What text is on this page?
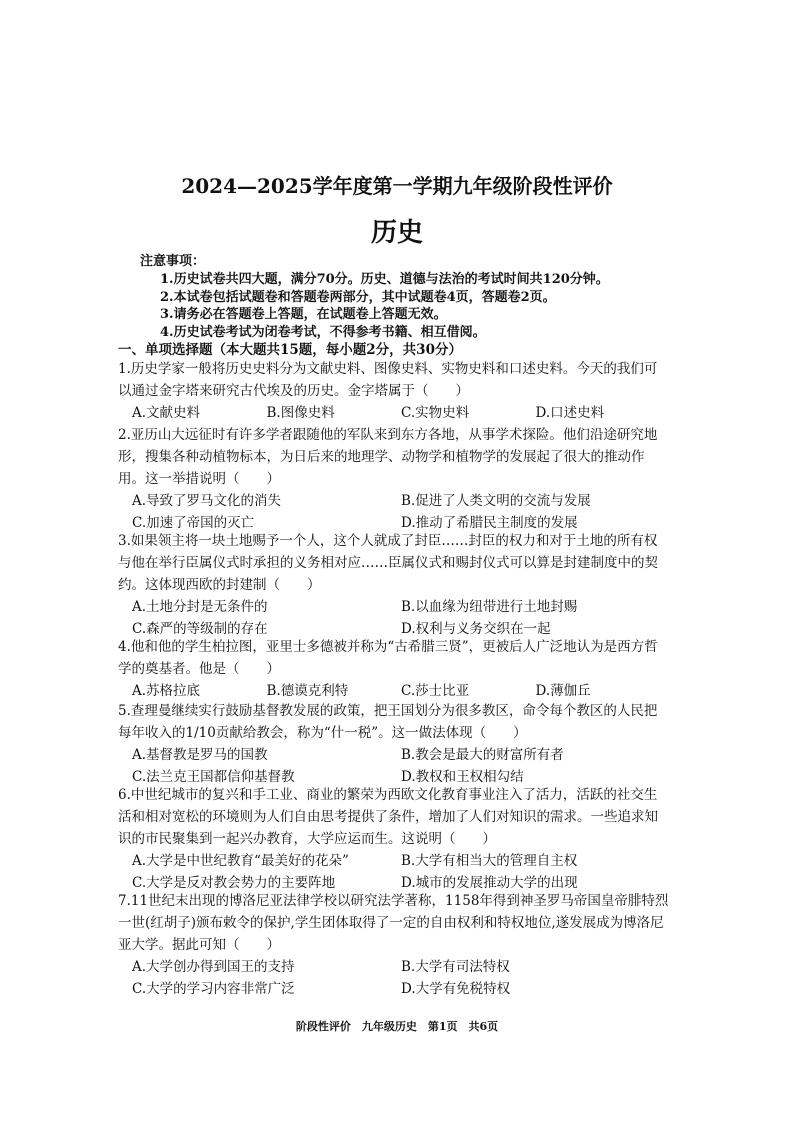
2024—2025学年度第一学期九年级阶段性评价
历史
注意事项：
1.历史试卷共四大题，满分70分。历史、道德与法治的考试时间共120分钟。
2.本试卷包括试题卷和答题卷两部分，其中试题卷4页，答题卷2页。
3.请务必在答题卷上答题，在试题卷上答题无效。
4.历史试卷考试为闭卷考试，不得参考书籍、相互借阅。
一、单项选择题（本大题共15题，每小题2分，共30分）
1.历史学家一般将历史史料分为文献史料、图像史料、实物史料和口述史料。今天的我们可以通过金字塔来研究古代埃及的历史。金字塔属于（　　）
A.文献史料	B.图像史料	C.实物史料	D.口述史料
2.亚历山大远征时有许多学者跟随他的军队来到东方各地，从事学术探险。他们沿途研究地形，搜集各种动植物标本，为日后来的地理学、动物学和植物学的发展起了很大的推动作用。这一举措说明（　　）
A.导致了罗马文化的消失	B.促进了人类文明的交流与发展
C.加速了帝国的灭亡	D.推动了希腊民主制度的发展
3.如果领主将一块土地赐予一个人，这个人就成了封臣……封臣的权力和对于土地的所有权与他在举行臣属仪式时承担的义务相对应……臣属仪式和赐封仪式可以算是封建制度中的契约。这体现西欧的封建制（　　）
A.土地分封是无条件的	B.以血缘为纽带进行土地封赐
C.森严的等级制的存在	D.权利与义务交织在一起
4.他和他的学生柏拉图，亚里士多德被并称为“古希腊三贤”，更被后人广泛地认为是西方哲学的奠基者。他是（　　）
A.苏格拉底	B.德谟克利特	C.莎士比亚	D.薄伽丘
5.查理曼继续实行鼓励基督教发展的政策，把王国划分为很多教区，命令每个教区的人民把每年收入的1/10贡献给教会，称为“什一税”。这一做法体现（　　）
A.基督教是罗马的国教	B.教会是最大的财富所有者
C.法兰克王国都信仰基督教	D.教权和王权相勾结
6.中世纪城市的复兴和手工业、商业的繁荣为西欧文化教育事业注入了活力，活跃的社交生活和相对宽松的环境则为人们自由思考提供了条件，增加了人们对知识的需求。一些追求知识的市民聚集到一起兴办教育，大学应运而生。这说明（　　）
A.大学是中世纪教育“最美好的花朵”	B.大学有相当大的管理自主权
C.大学是反对教会势力的主要阵地	D.城市的发展推动大学的出现
7.11世纪末出现的博洛尼亚法律学校以研究法学著称，1158年得到神圣罗马帝国皇帝腓特烈一世(红胡子)颁布敕令的保护,学生团体取得了一定的自由权利和特权地位,遂发展成为博洛尼亚大学。据此可知（　　）
A.大学创办得到国王的支持	B.大学有司法特权
C.大学的学习内容非常广泛	D.大学有免税特权
阶段性评价　九年级历史　第1页　共6页
